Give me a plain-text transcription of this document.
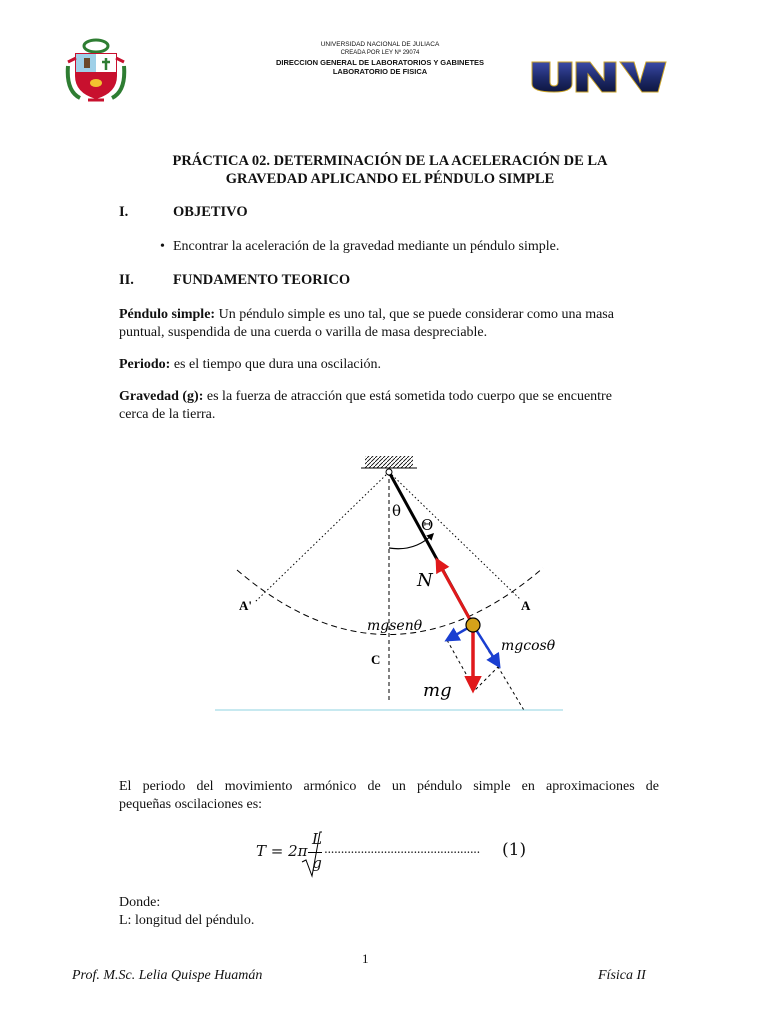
UNIVERSIDAD NACIONAL DE JULIACA
CREADA POR LEY Nº 29074
DIRECCION GENERAL DE LABORATORIOS Y GABINETES
LABORATORIO DE FISICA
PRÁCTICA 02. DETERMINACIÓN DE LA ACELERACIÓN DE LA
GRAVEDAD APLICANDO EL PÉNDULO SIMPLE
I.	OBJETIVO
• Encontrar la aceleración de la gravedad mediante un péndulo simple.
II.	FUNDAMENTO TEORICO
Péndulo simple: Un péndulo simple es uno tal, que se puede considerar como una masa
puntual, suspendida de una cuerda o varilla de masa despreciable.
Periodo: es el tiempo que dura una oscilación.
Gravedad (g): es la fuerza de atracción que está sometida todo cuerpo que se encuentre
cerca de la tierra.
θ
Θ
N
A'	A
C
mgsenθ
mgcosθ
mg
El periodo del movimiento armónico de un péndulo simple en aproximaciones de
pequeñas oscilaciones es:
T = 2π
L
g
............................................... (1)
Donde:
L: longitud del péndulo.
1
Prof. M.Sc. Lelia Quispe Huamán	Física II
